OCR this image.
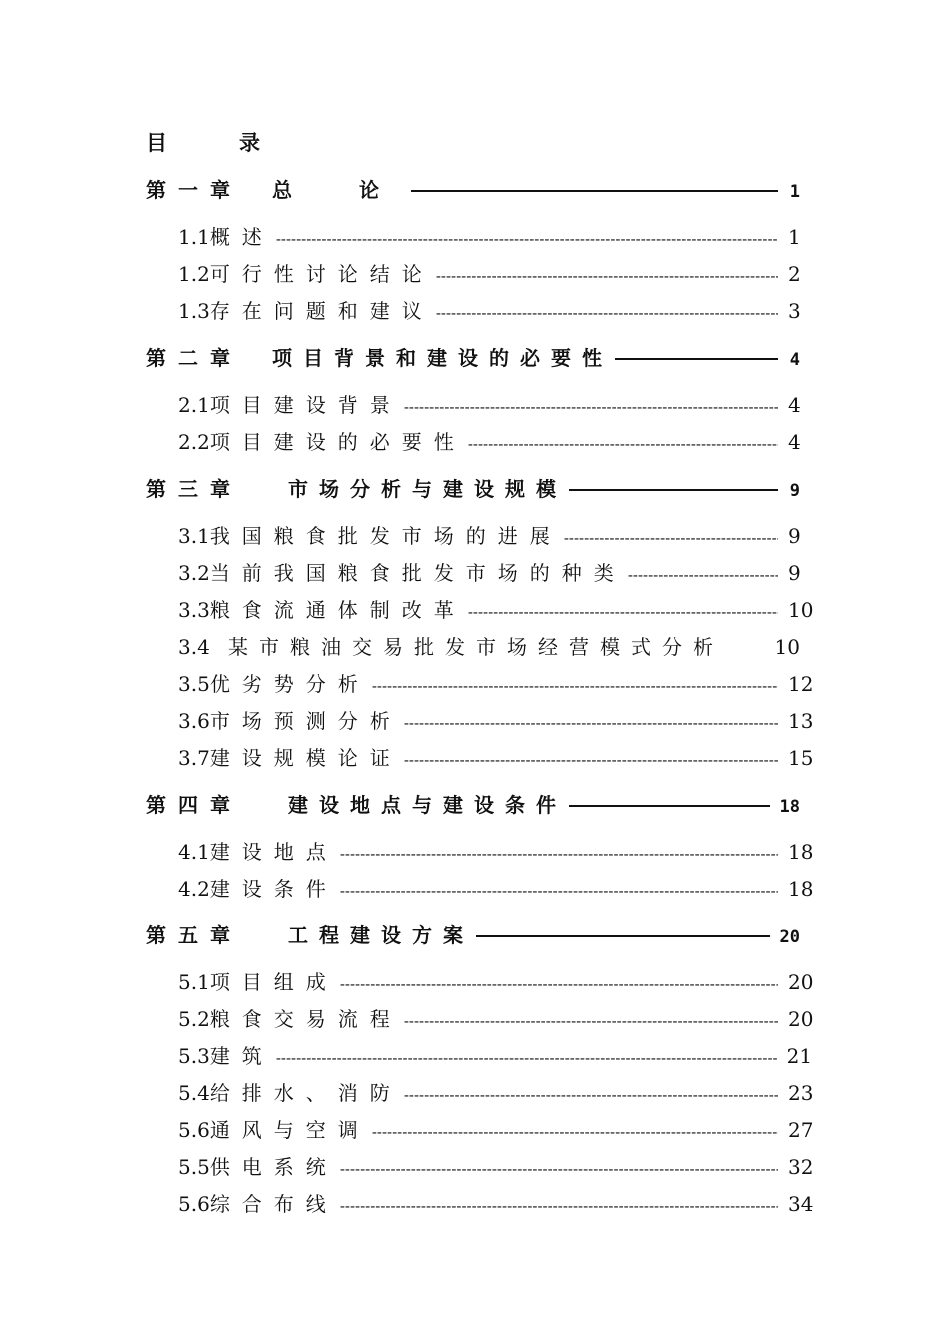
目录
第一章 总 论	1
1.1 概述 -----	1
1.2 可行性讨论结论 -----	2
1.3 存在问题和建议 -----	3
第二章 项目背景和建设的必要性	4
2.1 项目建设背景 -----	4
2.2 项目建设的必要性 -----	4
第三章	市场分析与建设规模	9
3.1 我国粮食批发市场的进展 -----	9
3.2 当前我国粮食批发市场的种类 -----	9
3.3 粮食流通体制改革 -----	10
3.4 某市粮油交易批发市场经营模式分析	10
3.5 优劣势分析 -----	12
3.6 市场预测分析 -----	13
3.7 建设规模论证 -----	15
第四章	建设地点与建设条件	18
4.1 建设地点 -----	18
4.2 建设条件 -----	18
第五章	工程建设方案	20
5.1 项目组成 -----	20
5.2 粮食交易流程 -----	20
5.3 建筑 -----	21
5.4 给排水、消防 -----	23
5.6 通风与空调 -----	27
5.5 供电系统 -----	32
5.6 综合布线 -----	34
